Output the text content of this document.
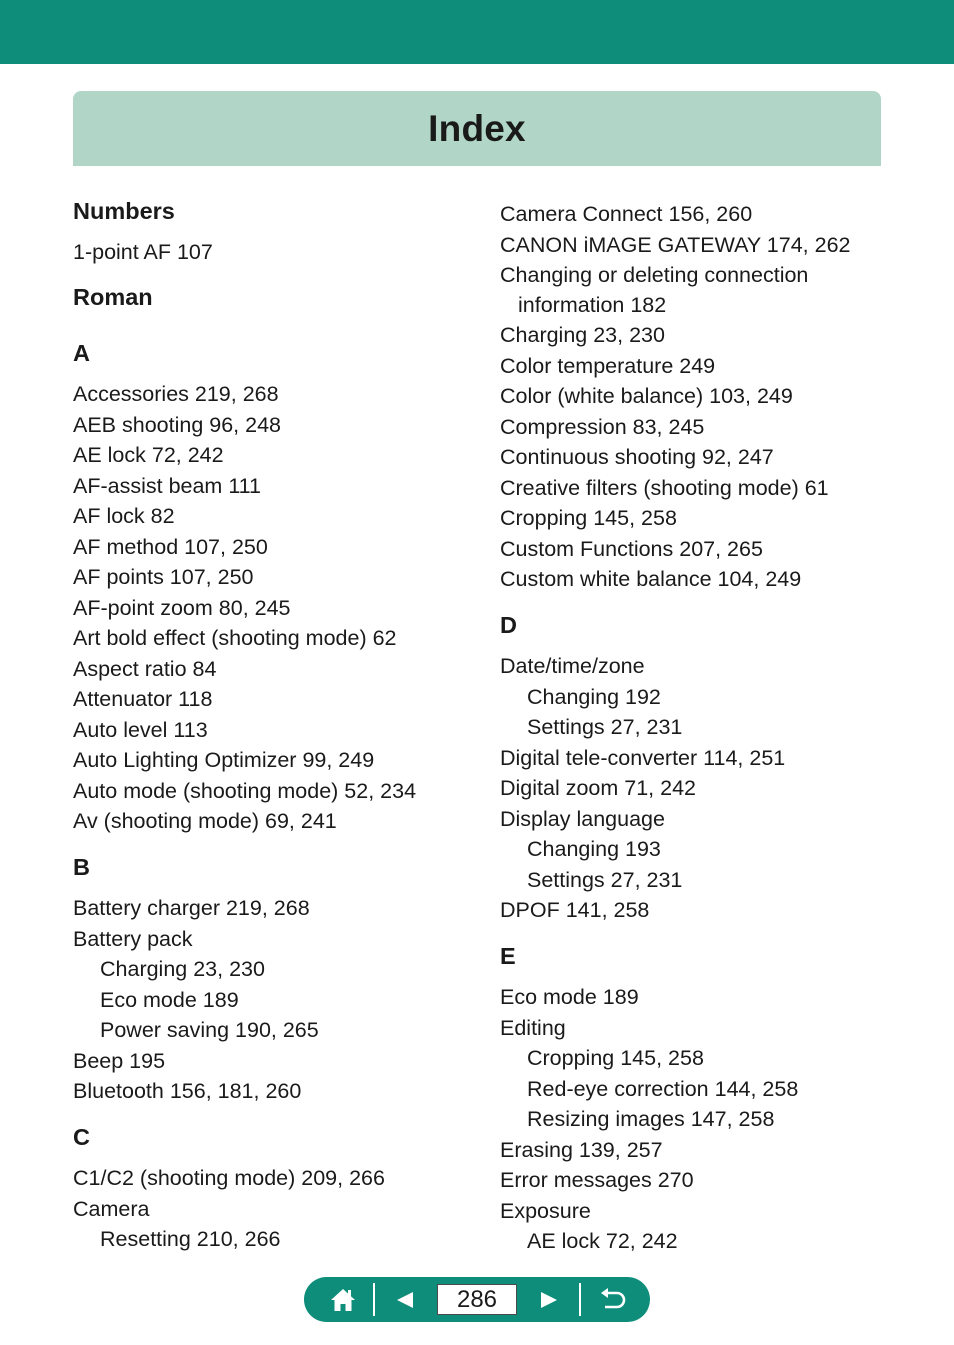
Index
Numbers
1-point AF 107
Roman
A
Accessories 219, 268
AEB shooting 96, 248
AE lock 72, 242
AF-assist beam 111
AF lock 82
AF method 107, 250
AF points 107, 250
AF-point zoom 80, 245
Art bold effect (shooting mode) 62
Aspect ratio 84
Attenuator 118
Auto level 113
Auto Lighting Optimizer 99, 249
Auto mode (shooting mode) 52, 234
Av (shooting mode) 69, 241
B
Battery charger 219, 268
Battery pack
Charging 23, 230
Eco mode 189
Power saving 190, 265
Beep 195
Bluetooth 156, 181, 260
C
C1/C2 (shooting mode) 209, 266
Camera
Resetting 210, 266
Camera Connect 156, 260
CANON iMAGE GATEWAY 174, 262
Changing or deleting connection
information 182
Charging 23, 230
Color temperature 249
Color (white balance) 103, 249
Compression 83, 245
Continuous shooting 92, 247
Creative filters (shooting mode) 61
Cropping 145, 258
Custom Functions 207, 265
Custom white balance 104, 249
D
Date/time/zone
Changing 192
Settings 27, 231
Digital tele-converter 114, 251
Digital zoom 71, 242
Display language
Changing 193
Settings 27, 231
DPOF 141, 258
E
Eco mode 189
Editing
Cropping 145, 258
Red-eye correction 144, 258
Resizing images 147, 258
Erasing 139, 257
Error messages 270
Exposure
AE lock 72, 242
286
